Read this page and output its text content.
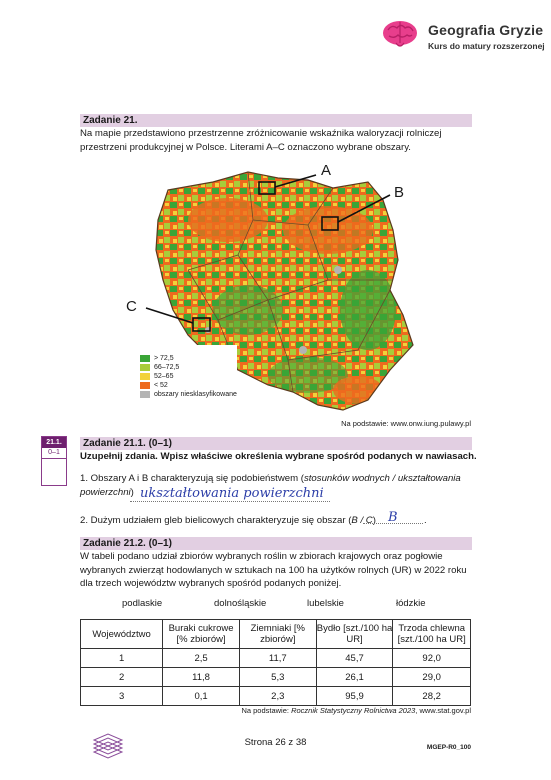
Geografia Gryzie
Kurs do matury rozszerzonej
Zadanie 21.
Na mapie przedstawiono przestrzenne zróżnicowanie wskaźnika waloryzacji rolniczej przestrzeni produkcyjnej w Polsce. Literami A–C oznaczono wybrane obszary.
A
B
C
> 72,5
66–72,5
52–65
< 52
obszary niesklasyfikowane
Na podstawie: www.onw.iung.pulawy.pl
21.1.
0–1
Zadanie 21.1. (0–1)
Uzupełnij zdania. Wpisz właściwe określenia wybrane spośród podanych w nawiasach.
1. Obszary A i B charakteryzują się podobieństwem (stosunków wodnych / ukształtowania powierzchni) ukształtowania powierzchni
2. Dużym udziałem gleb bielicowych charakteryzuje się obszar (B / C) B	.
Zadanie 21.2. (0–1)
W tabeli podano udział zbiorów wybranych roślin w zbiorach krajowych oraz pogłowie wybranych zwierząt hodowlanych w sztukach na 100 ha użytków rolnych (UR) w 2022 roku dla trzech województw wybranych spośród podanych poniżej.
podlaskie	dolnośląskie	lubelskie	łódzkie
Województwo	Buraki cukrowe [% zbiorów]	Ziemniaki [% zbiorów]	Bydło [szt./100 ha UR]	Trzoda chlewna [szt./100 ha UR]
1	2,5	11,7	45,7	92,0
2	11,8	5,3	26,1	29,0
3	0,1	2,3	95,9	28,2
Na podstawie: Rocznik Statystyczny Rolnictwa 2023, www.stat.gov.pl
Strona 26 z 38	MGEP-R0_100
